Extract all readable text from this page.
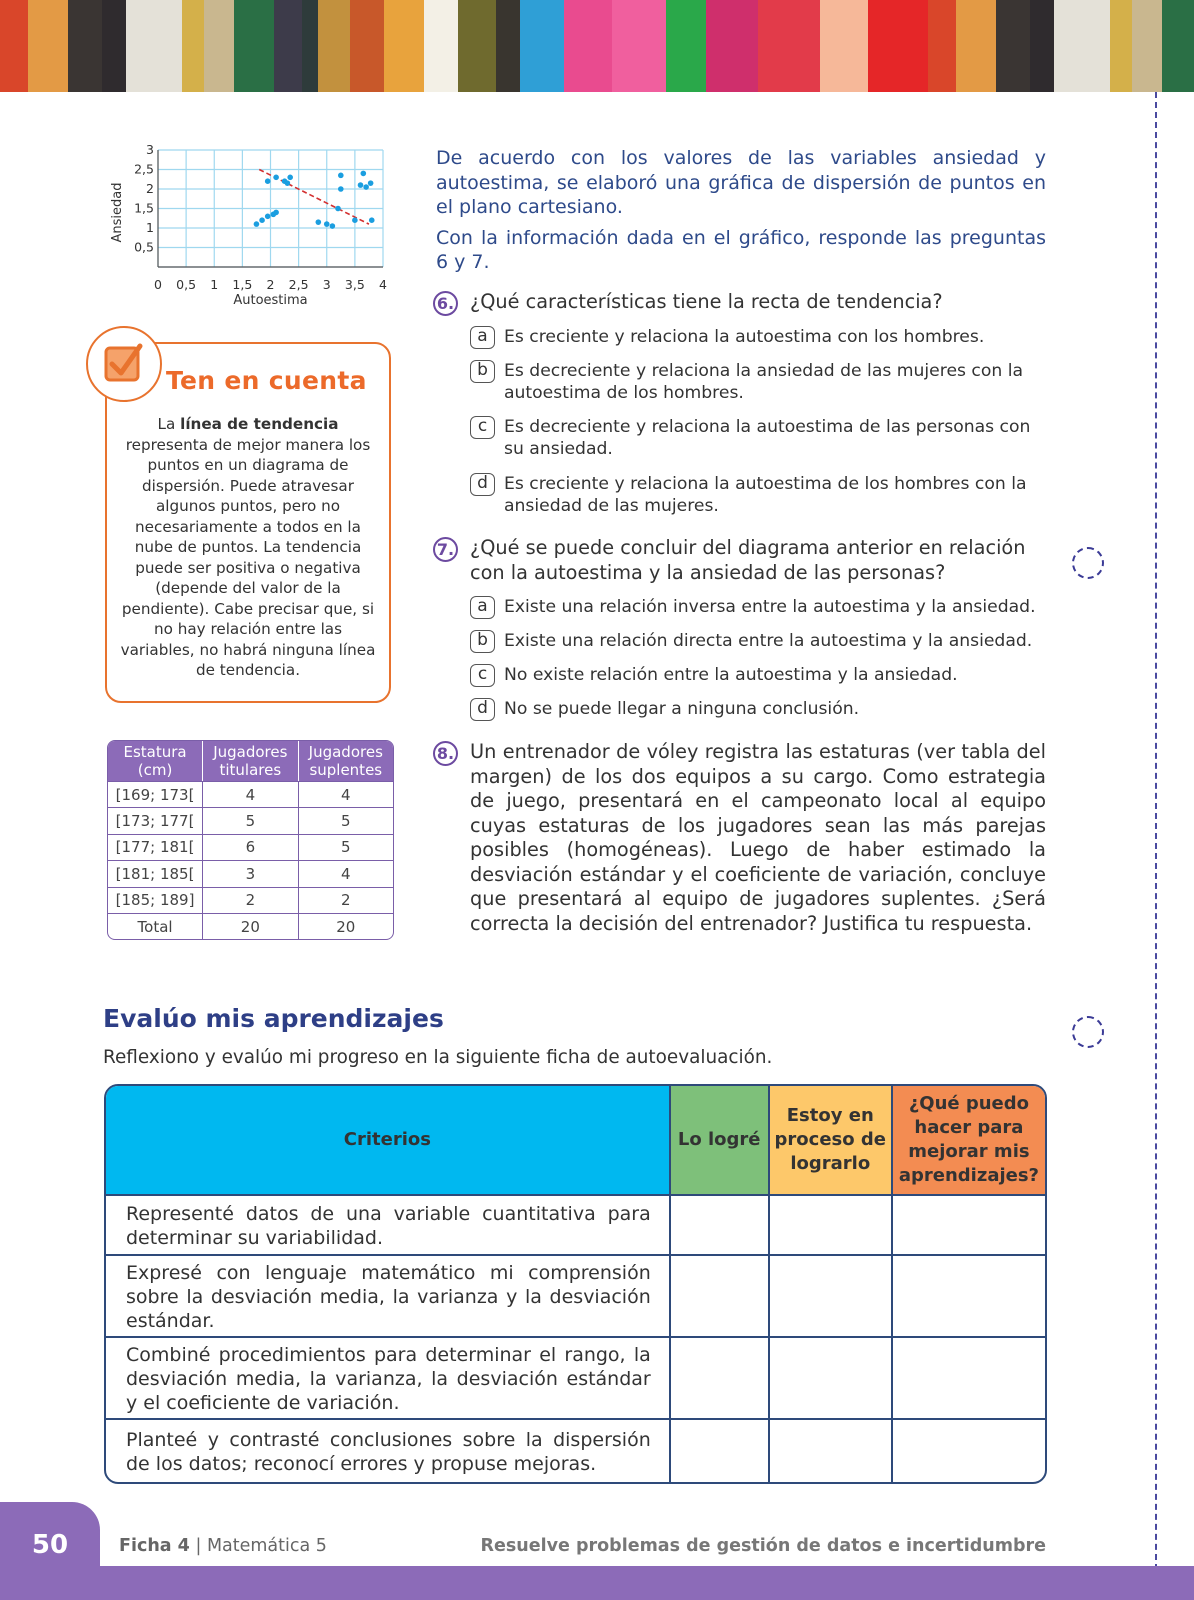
0 0,5 1 1,5 2 2,5 3 3,5 4
0,5
1
1,5
2
2,5
3
Autoestima
Ansiedad
Ten en cuenta
La línea de tendencia representa de mejor manera los puntos en un diagrama de dispersión. Puede atravesar algunos puntos, pero no necesariamente a todos en la nube de puntos. La tendencia puede ser positiva o negativa (depende del valor de la pendiente). Cabe precisar que, si no hay relación entre las variables, no habrá ninguna línea de tendencia.
Estatura (cm)	Jugadores titulares	Jugadores suplentes
[169; 173[	4	4
[173; 177[	5	5
[177; 181[	6	5
[181; 185[	3	4
[185; 189]	2	2
Total	20	20

De acuerdo con los valores de las variables ansiedad y autoestima, se elaboró una gráfica de dispersión de puntos en el plano cartesiano.

Con la información dada en el gráfico, responde las preguntas 6 y 7.

6. ¿Qué características tiene la recta de tendencia?
a Es creciente y relaciona la autoestima con los hombres.
b Es decreciente y relaciona la ansiedad de las mujeres con la autoestima de los hombres.
c Es decreciente y relaciona la autoestima de las personas con su ansiedad.
d Es creciente y relaciona la autoestima de los hombres con la ansiedad de las mujeres.
7. ¿Qué se puede concluir del diagrama anterior en relación con la autoestima y la ansiedad de las personas?
a Existe una relación inversa entre la autoestima y la ansiedad.
b Existe una relación directa entre la autoestima y la ansiedad.
c No existe relación entre la autoestima y la ansiedad.
d No se puede llegar a ninguna conclusión.
8. Un entrenador de vóley registra las estaturas (ver tabla del margen) de los dos equipos a su cargo. Como estrategia de juego, presentará en el campeonato local al equipo cuyas estaturas de los jugadores sean las más parejas posibles (homogéneas). Luego de haber estimado la desviación estándar y el coeficiente de variación, concluye que presentará al equipo de jugadores suplentes. ¿Será correcta la decisión del entrenador? Justifica tu respuesta.
Evalúo mis aprendizajes
Reflexiono y evalúo mi progreso en la siguiente ficha de autoevaluación.
Criterios	Lo logré	Estoy en proceso de lograrlo	¿Qué puedo hacer para mejorar mis aprendizajes?
Representé datos de una variable cuantitativa para determinar su variabilidad.			
Expresé con lenguaje matemático mi comprensión sobre la desviación media, la varianza y la desviación estándar.			
Combiné procedimientos para determinar el rango, la desviación media, la varianza, la desviación estándar y el coeficiente de variación.			
Planteé y contrasté conclusiones sobre la dispersión de los datos; reconocí errores y propuse mejoras.			
50	Ficha 4 | Matemática 5	Resuelve problemas de gestión de datos e incertidumbre
